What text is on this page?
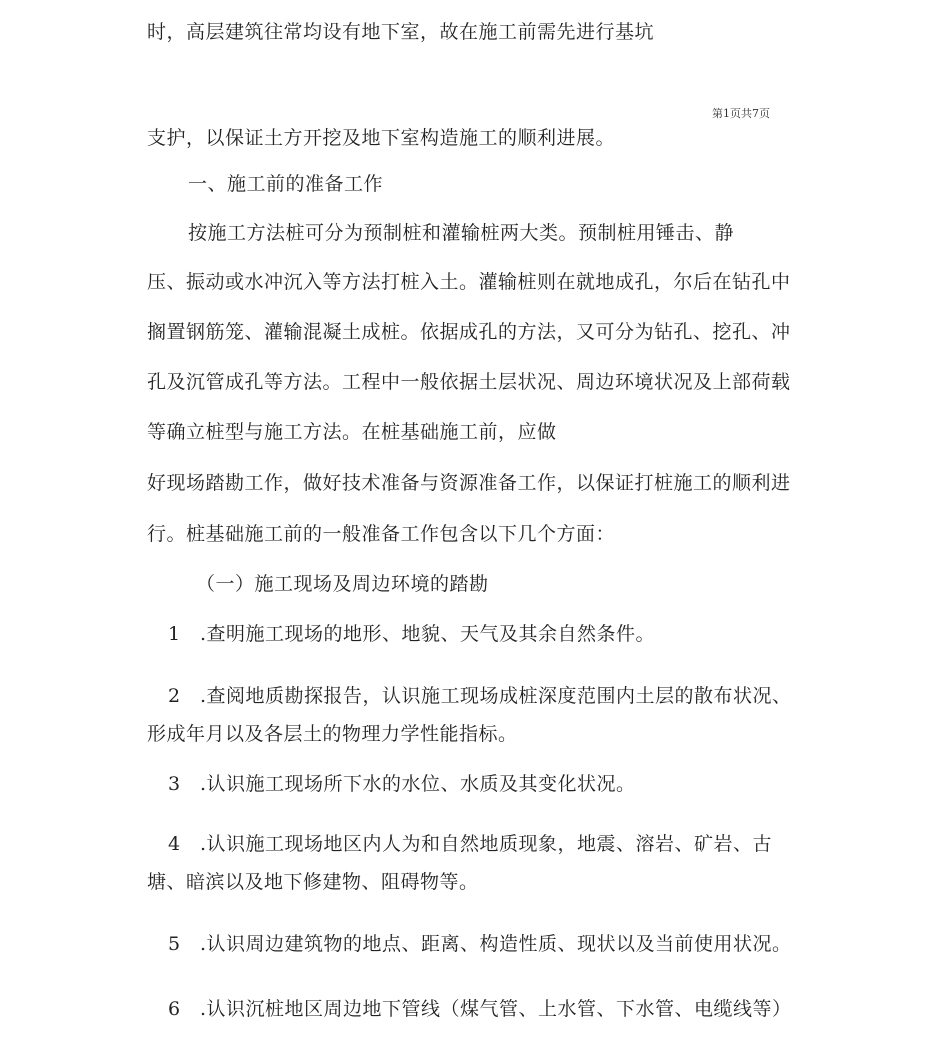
第1页共7页
时，高层建筑往常均设有地下室，故在施工前需先进行基坑
支护，以保证土方开挖及地下室构造施工的顺利进展。
一、施工前的准备工作
按施工方法桩可分为预制桩和灌输桩两大类。预制桩用锤击、静
压、振动或水冲沉入等方法打桩入土。灌输桩则在就地成孔，尔后在钻孔中
搁置钢筋笼、灌输混凝土成桩。依据成孔的方法，又可分为钻孔、挖孔、冲
孔及沉管成孔等方法。工程中一般依据土层状况、周边环境状况及上部荷载
等确立桩型与施工方法。在桩基础施工前，应做
好现场踏勘工作，做好技术准备与资源准备工作，以保证打桩施工的顺利进
行。桩基础施工前的一般准备工作包含以下几个方面：
（一）施工现场及周边环境的踏勘
1 .查明施工现场的地形、地貌、天气及其余自然条件。
2 .查阅地质勘探报告，认识施工现场成桩深度范围内土层的散布状况、
形成年月以及各层土的物理力学性能指标。
3 .认识施工现场所下水的水位、水质及其变化状况。
4 .认识施工现场地区内人为和自然地质现象，地震、溶岩、矿岩、古
塘、暗滨以及地下修建物、阻碍物等。
5 .认识周边建筑物的地点、距离、构造性质、现状以及当前使用状况。
6 .认识沉桩地区周边地下管线（煤气管、上水管、下水管、电缆线等）
